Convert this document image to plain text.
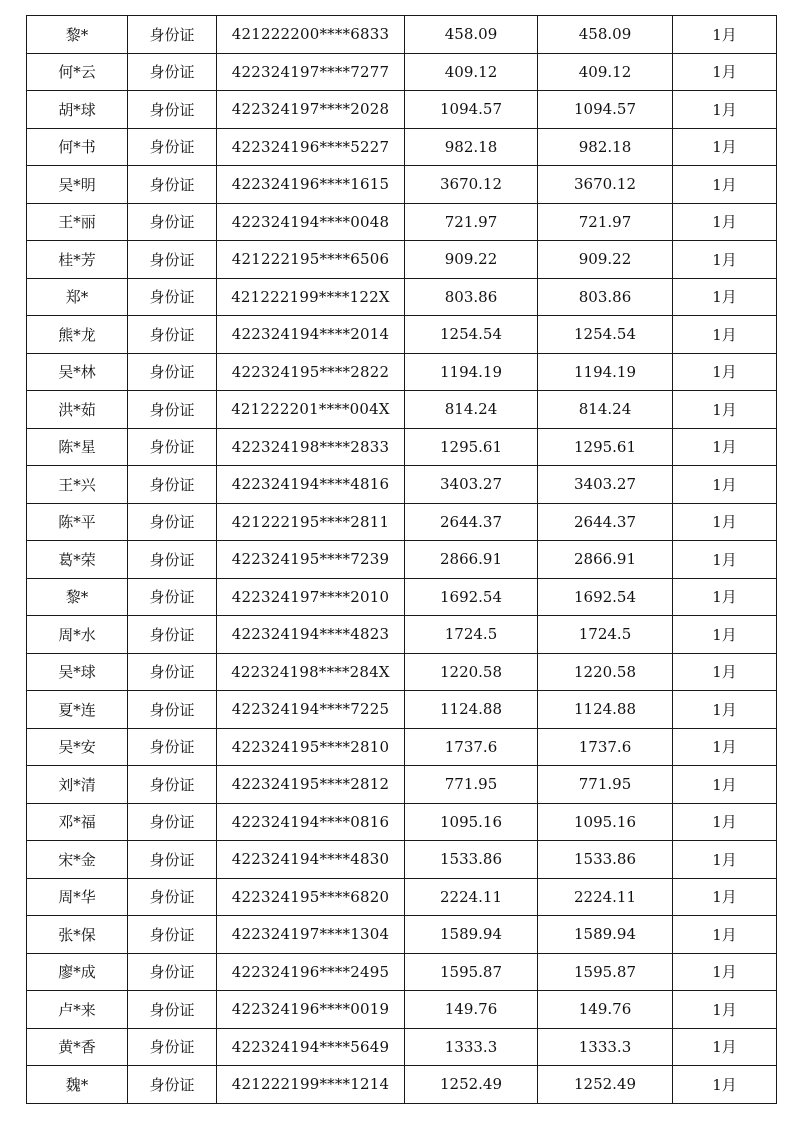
黎*	身份证	421222200****6833	458.09	458.09	1月
何*云	身份证	422324197****7277	409.12	409.12	1月
胡*球	身份证	422324197****2028	1094.57	1094.57	1月
何*书	身份证	422324196****5227	982.18	982.18	1月
吴*明	身份证	422324196****1615	3670.12	3670.12	1月
王*丽	身份证	422324194****0048	721.97	721.97	1月
桂*芳	身份证	421222195****6506	909.22	909.22	1月
郑*	身份证	421222199****122X	803.86	803.86	1月
熊*龙	身份证	422324194****2014	1254.54	1254.54	1月
吴*林	身份证	422324195****2822	1194.19	1194.19	1月
洪*茹	身份证	421222201****004X	814.24	814.24	1月
陈*星	身份证	422324198****2833	1295.61	1295.61	1月
王*兴	身份证	422324194****4816	3403.27	3403.27	1月
陈*平	身份证	421222195****2811	2644.37	2644.37	1月
葛*荣	身份证	422324195****7239	2866.91	2866.91	1月
黎*	身份证	422324197****2010	1692.54	1692.54	1月
周*水	身份证	422324194****4823	1724.5	1724.5	1月
吴*球	身份证	422324198****284X	1220.58	1220.58	1月
夏*连	身份证	422324194****7225	1124.88	1124.88	1月
吴*安	身份证	422324195****2810	1737.6	1737.6	1月
刘*清	身份证	422324195****2812	771.95	771.95	1月
邓*福	身份证	422324194****0816	1095.16	1095.16	1月
宋*金	身份证	422324194****4830	1533.86	1533.86	1月
周*华	身份证	422324195****6820	2224.11	2224.11	1月
张*保	身份证	422324197****1304	1589.94	1589.94	1月
廖*成	身份证	422324196****2495	1595.87	1595.87	1月
卢*来	身份证	422324196****0019	149.76	149.76	1月
黄*香	身份证	422324194****5649	1333.3	1333.3	1月
魏*	身份证	421222199****1214	1252.49	1252.49	1月
